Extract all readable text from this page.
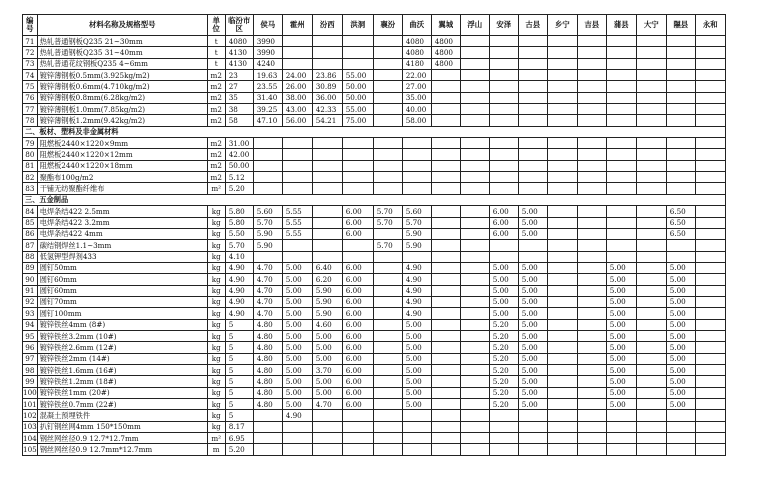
编号	材料名称及规格型号	单位	临汾市区	侯马	霍州	汾西	洪洞	襄汾	曲沃	翼城	浮山	安泽	古县	乡宁	吉县	蒲县	大宁	隰县	永和
71	热轧普通钢板Q235 21~30mm	t	4080	3990					4080	4800									
72	热轧普通钢板Q235 31~40mm	t	4130	3990					4080	4800									
73	热轧普通花纹钢板Q235 4~6mm	t	4130	4240					4180	4800									
74	镀锌薄钢板0.5mm(3.925kg/m2)	m2	23	19.63	24.00	23.86	55.00		22.00										
75	镀锌薄钢板0.6mm(4.710kg/m2)	m2	27	23.55	26.00	30.89	50.00		27.00										
76	镀锌薄钢板0.8mm(6.28kg/m2)	m2	35	31.40	38.00	36.00	50.00		35.00										
77	镀锌薄钢板1.0mm(7.85kg/m2)	m2	38	39.25	43.00	42.33	55.00		40.00										
78	镀锌薄钢板1.2mm(9.42kg/m2)	m2	58	47.10	56.00	54.21	75.00		58.00										
二、板材、塑料及非金属材料																			
79	阻燃板2440×1220×9mm	m2	31.00																
80	阻燃板2440×1220×12mm	m2	42.00																
81	阻燃板2440×1220×18mm	m2	50.00																
82	聚酯布100g/m2	m2	5.12																
83	干铺无纺聚酯纤维布	m²	5.20																
三、五金制品																			
84	电焊条结422 2.5mm	kg	5.80	5.60	5.55		6.00	5.70	5.60			6.00	5.00					6.50	
85	电焊条结422 3.2mm	kg	5.80	5.70	5.55		6.00	5.70	5.70			6.00	5.00					6.50	
86	电焊条结422 4mm	kg	5.50	5.90	5.55		6.00		5.90			6.00	5.00					6.50	
87	碳结钢焊丝1.1~3mm	kg	5.70	5.90				5.70	5.90										
88	低氢钾型焊剂433	kg	4.10																
89	圆钉50mm	kg	4.90	4.70	5.00	6.40	6.00		4.90			5.00	5.00			5.00		5.00	
90	圆钉60mm	kg	4.90	4.70	5.00	6.20	6.00		4.90			5.00	5.00			5.00		5.00	
91	圆钉60mm	kg	4.90	4.70	5.00	5.90	6.00		4.90			5.00	5.00			5.00		5.00	
92	圆钉70mm	kg	4.90	4.70	5.00	5.90	6.00		4.90			5.00	5.00			5.00		5.00	
93	圆钉100mm	kg	4.90	4.70	5.00	5.90	6.00		4.90			5.00	5.00			5.00		5.00	
94	镀锌铁丝4mm (8#)	kg	5	4.80	5.00	4.60	6.00		5.00			5.20	5.00			5.00		5.00	
95	镀锌铁丝3.2mm (10#)	kg	5	4.80	5.00	5.00	6.00		5.00			5.20	5.00			5.00		5.00	
96	镀锌铁丝2.6mm (12#)	kg	5	4.80	5.00	5.00	6.00		5.00			5.20	5.00			5.00		5.00	
97	镀锌铁丝2mm (14#)	kg	5	4.80	5.00	5.00	6.00		5.00			5.20	5.00			5.00		5.00	
98	镀锌铁丝1.6mm (16#)	kg	5	4.80	5.00	3.70	6.00		5.00			5.20	5.00			5.00		5.00	
99	镀锌铁丝1.2mm (18#)	kg	5	4.80	5.00	5.00	6.00		5.00			5.20	5.00			5.00		5.00	
100	镀锌铁丝1mm (20#)	kg	5	4.80	5.00	5.00	6.00		5.00			5.20	5.00			5.00		5.00	
101	镀锌铁丝0.7mm (22#)	kg	5	4.80	5.00	4.70	6.00		5.00			5.20	5.00			5.00		5.00	
102	混凝土预埋铁件	kg	5		4.90														
103	扒钉钢丝网4mm 150*150mm	kg	8.17																
104	钢丝网丝径0.9 12.7*12.7mm	m²	6.95																
105	钢丝网丝径0.9 12.7mm*12.7mm	m	5.20																
